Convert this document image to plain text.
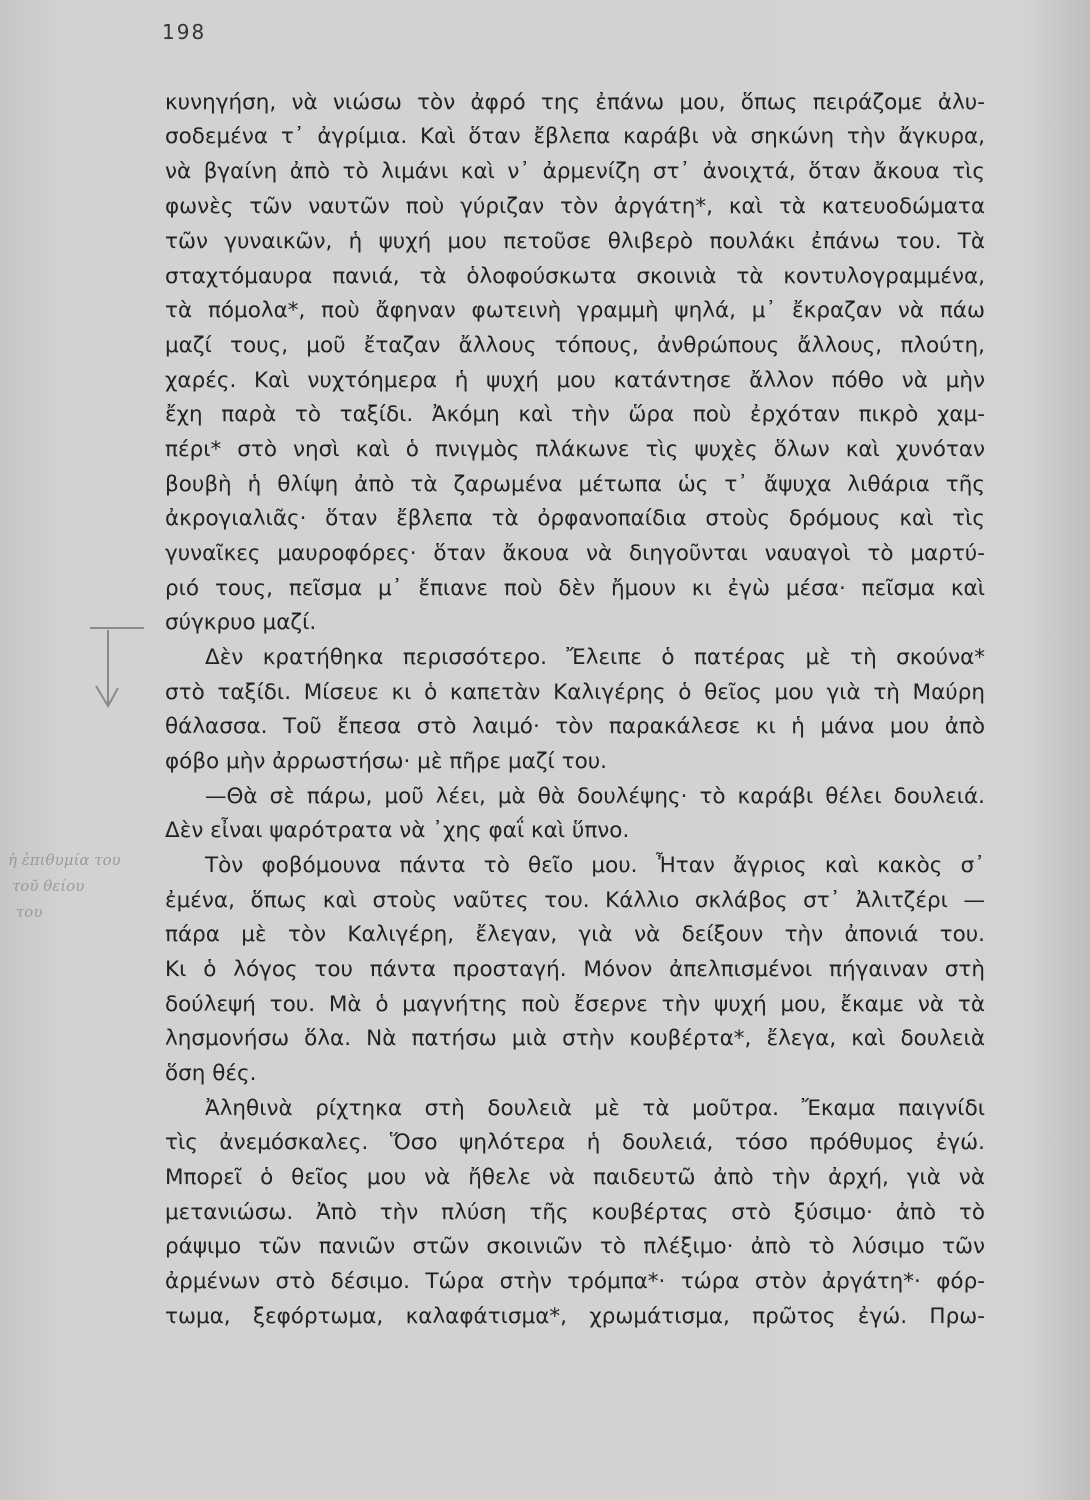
198
κυνηγήση, νὰ νιώσω τὸν ἀφρό της ἐπάνω μου, ὅπως πειράζομε ἀλυ-
σοδεμένα τ᾽ ἀγρίμια. Καὶ ὅταν ἔβλεπα καράβι νὰ σηκώνη τὴν ἄγκυρα,
νὰ βγαίνη ἀπὸ τὸ λιμάνι καὶ ν᾽ ἀρμενίζη στ᾽ ἀνοιχτά, ὅταν ἄκουα τὶς
φωνὲς τῶν ναυτῶν ποὺ γύριζαν τὸν ἀργάτη*, καὶ τὰ κατευοδώματα
τῶν γυναικῶν, ἡ ψυχή μου πετοῦσε θλιβερὸ πουλάκι ἐπάνω του. Τὰ
σταχτόμαυρα πανιά, τὰ ὁλοφούσκωτα σκοινιὰ τὰ κοντυλογραμμένα,
τὰ πόμολα*, ποὺ ἄφηναν φωτεινὴ γραμμὴ ψηλά, μ᾽ ἔκραζαν νὰ πάω
μαζί τους, μοῦ ἔταζαν ἄλλους τόπους, ἀνθρώπους ἄλλους, πλούτη,
χαρές. Καὶ νυχτόημερα ἡ ψυχή μου κατάντησε ἄλλον πόθο νὰ μὴν
ἔχη παρὰ τὸ ταξίδι. Ἀκόμη καὶ τὴν ὥρα ποὺ ἐρχόταν πικρὸ χαμ-
πέρι* στὸ νησὶ καὶ ὁ πνιγμὸς πλάκωνε τὶς ψυχὲς ὅλων καὶ χυνόταν
βουβὴ ἡ θλίψη ἀπὸ τὰ ζαρωμένα μέτωπα ὡς τ᾽ ἄψυχα λιθάρια τῆς
ἀκρογιαλιᾶς· ὅταν ἔβλεπα τὰ ὀρφανοπαίδια στοὺς δρόμους καὶ τὶς
γυναῖκες μαυροφόρες· ὅταν ἄκουα νὰ διηγοῦνται ναυαγοὶ τὸ μαρτύ-
ριό τους, πεῖσμα μ᾽ ἔπιανε ποὺ δὲν ἤμουν κι ἐγὼ μέσα· πεῖσμα καὶ
σύγκρυο μαζί.
Δὲν κρατήθηκα περισσότερο. Ἔλειπε ὁ πατέρας μὲ τὴ σκούνα*
στὸ ταξίδι. Μίσευε κι ὁ καπετὰν Καλιγέρης ὁ θεῖος μου γιὰ τὴ Μαύρη
θάλασσα. Τοῦ ἔπεσα στὸ λαιμό· τὸν παρακάλεσε κι ἡ μάνα μου ἀπὸ
φόβο μὴν ἀρρωστήσω· μὲ πῆρε μαζί του.
—Θὰ σὲ πάρω, μοῦ λέει, μὰ θὰ δουλέψης· τὸ καράβι θέλει δουλειά.
Δὲν εἶναι ψαρότρατα νὰ ᾽χης φαΐ καὶ ὕπνο.
Τὸν φοβόμουνα πάντα τὸ θεῖο μου. Ἦταν ἄγριος καὶ κακὸς σ᾽
ἐμένα, ὅπως καὶ στοὺς ναῦτες του. Κάλλιο σκλάβος στ᾽ Ἀλιτζέρι —
πάρα μὲ τὸν Καλιγέρη, ἔλεγαν, γιὰ νὰ δείξουν τὴν ἀπονιά του.
Κι ὁ λόγος του πάντα προσταγή. Μόνον ἀπελπισμένοι πήγαιναν στὴ
δούλεψή του. Μὰ ὁ μαγνήτης ποὺ ἔσερνε τὴν ψυχή μου, ἔκαμε νὰ τὰ
λησμονήσω ὅλα. Νὰ πατήσω μιὰ στὴν κουβέρτα*, ἔλεγα, καὶ δουλειὰ
ὅση θές.
Ἀληθινὰ ρίχτηκα στὴ δουλειὰ μὲ τὰ μοῦτρα. Ἔκαμα παιγνίδι
τὶς ἀνεμόσκαλες. Ὅσο ψηλότερα ἡ δουλειά, τόσο πρόθυμος ἐγώ.
Μπορεῖ ὁ θεῖος μου νὰ ἤθελε νὰ παιδευτῶ ἀπὸ τὴν ἀρχή, γιὰ νὰ
μετανιώσω. Ἀπὸ τὴν πλύση τῆς κουβέρτας στὸ ξύσιμο· ἀπὸ τὸ
ράψιμο τῶν πανιῶν στῶν σκοινιῶν τὸ πλέξιμο· ἀπὸ τὸ λύσιμο τῶν
ἀρμένων στὸ δέσιμο. Τώρα στὴν τρόμπα*· τώρα στὸν ἀργάτη*· φόρ-
τωμα, ξεφόρτωμα, καλαφάτισμα*, χρωμάτισμα, πρῶτος ἐγώ. Πρω-
ἡ ἐπιθυμία του
τοῦ θείου
του
